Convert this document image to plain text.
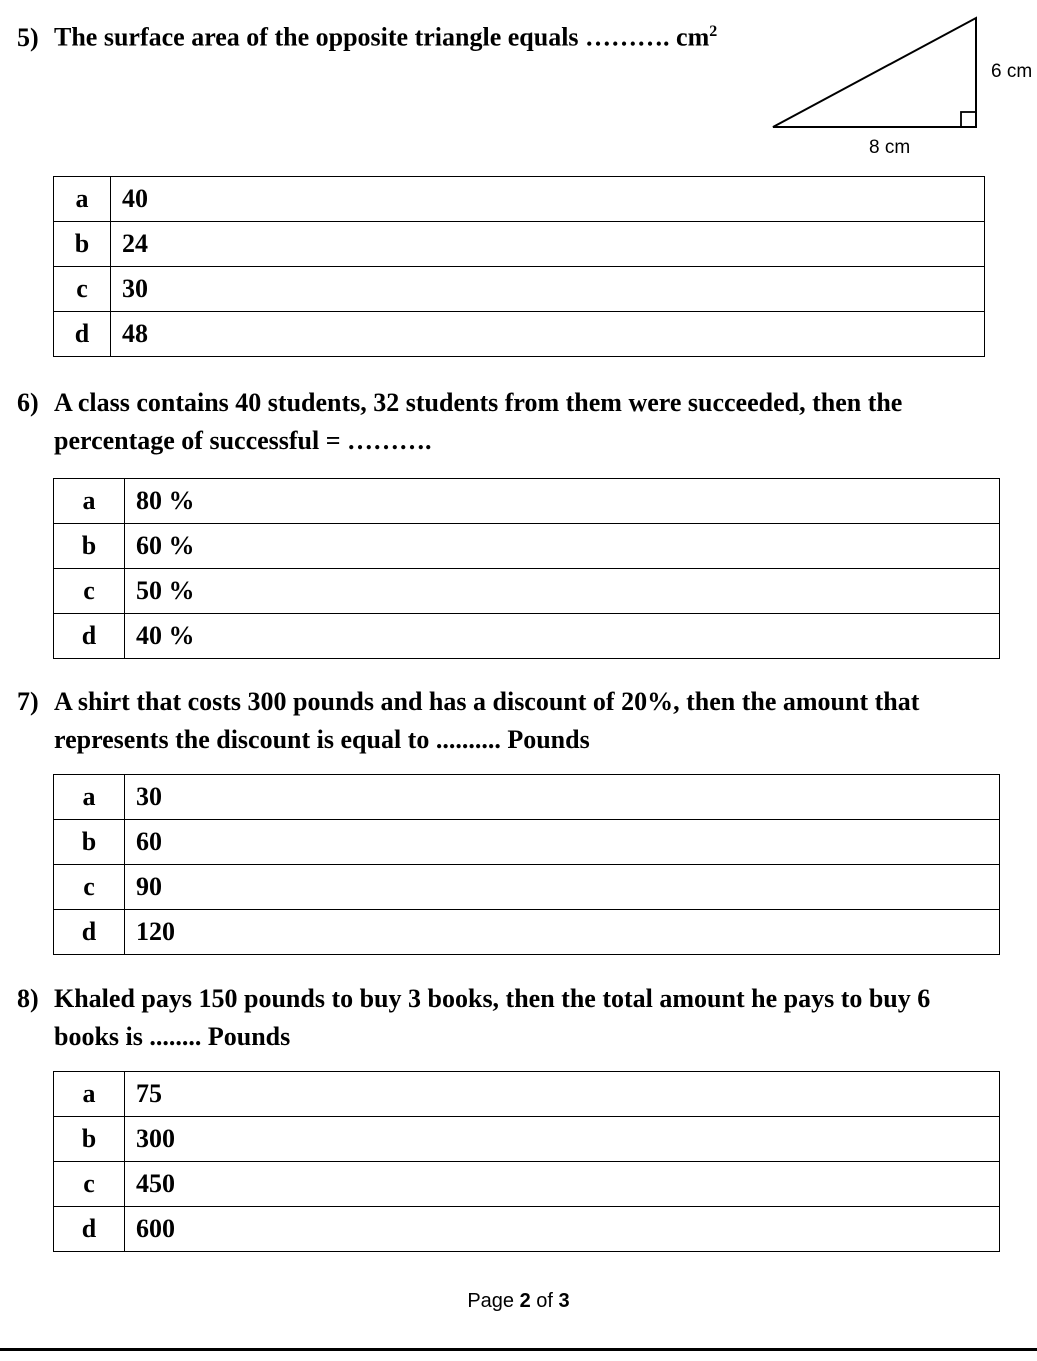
5) The surface area of the opposite triangle equals ………. $cm^2$

6 cm
8 cm
a	40
b	24
c	30
d	48
6) A class contains 40 students, 32 students from them were succeeded, then the
percentage of successful = ……….
a	80 %
b	60 %
c	50 %
d	40 %
7) A shirt that costs 300 pounds and has a discount of 20%, then the amount that
represents the discount is equal to .......... Pounds
a	30
b	60
c	90
d	120
8) Khaled pays 150 pounds to buy 3 books, then the total amount he pays to buy 6
books is ........ Pounds
a	75
b	300
c	450
d	600
Page 2 of 3
